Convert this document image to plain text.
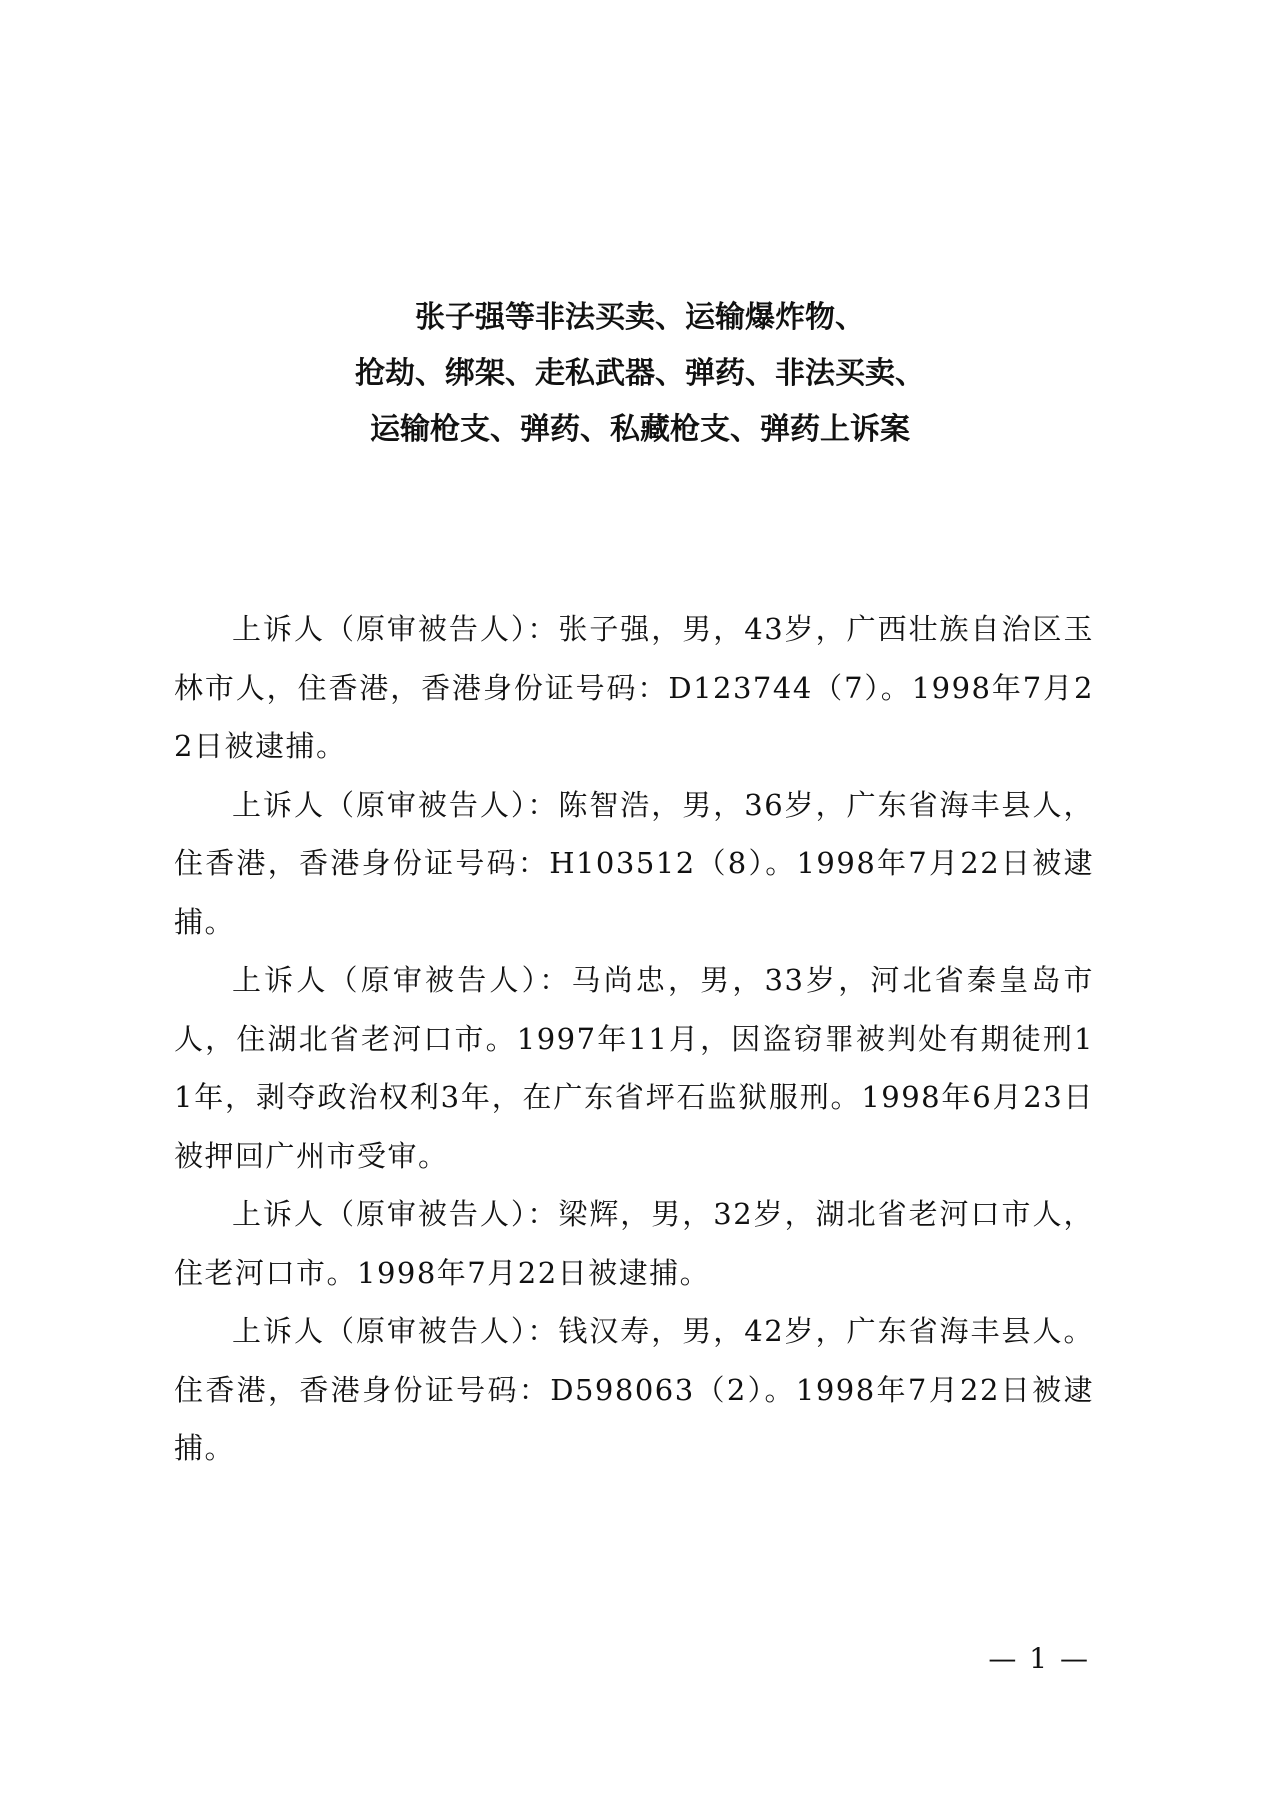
张子强等非法买卖、运输爆炸物、
抢劫、绑架、走私武器、弹药、非法买卖、
运输枪支、弹药、私藏枪支、弹药上诉案

上诉人（原审被告人）：张子强，男，43岁，广西壮族自治区玉林市人，住香港，香港身份证号码：D123744（7）。1998年7月22日被逮捕。

上诉人（原审被告人）：陈智浩，男，36岁，广东省海丰县人，住香港，香港身份证号码：H103512（8）。1998年7月22日被逮捕。

上诉人（原审被告人）：马尚忠，男，33岁，河北省秦皇岛市人，住湖北省老河口市。1997年11月，因盗窃罪被判处有期徒刑11年，剥夺政治权利3年，在广东省坪石监狱服刑。1998年6月23日被押回广州市受审。

上诉人（原审被告人）：梁辉，男，32岁，湖北省老河口市人，住老河口市。1998年7月22日被逮捕。

上诉人（原审被告人）：钱汉寿，男，42岁，广东省海丰县人。住香港，香港身份证号码：D598063（2）。1998年7月22日被逮捕。

— 1 —
